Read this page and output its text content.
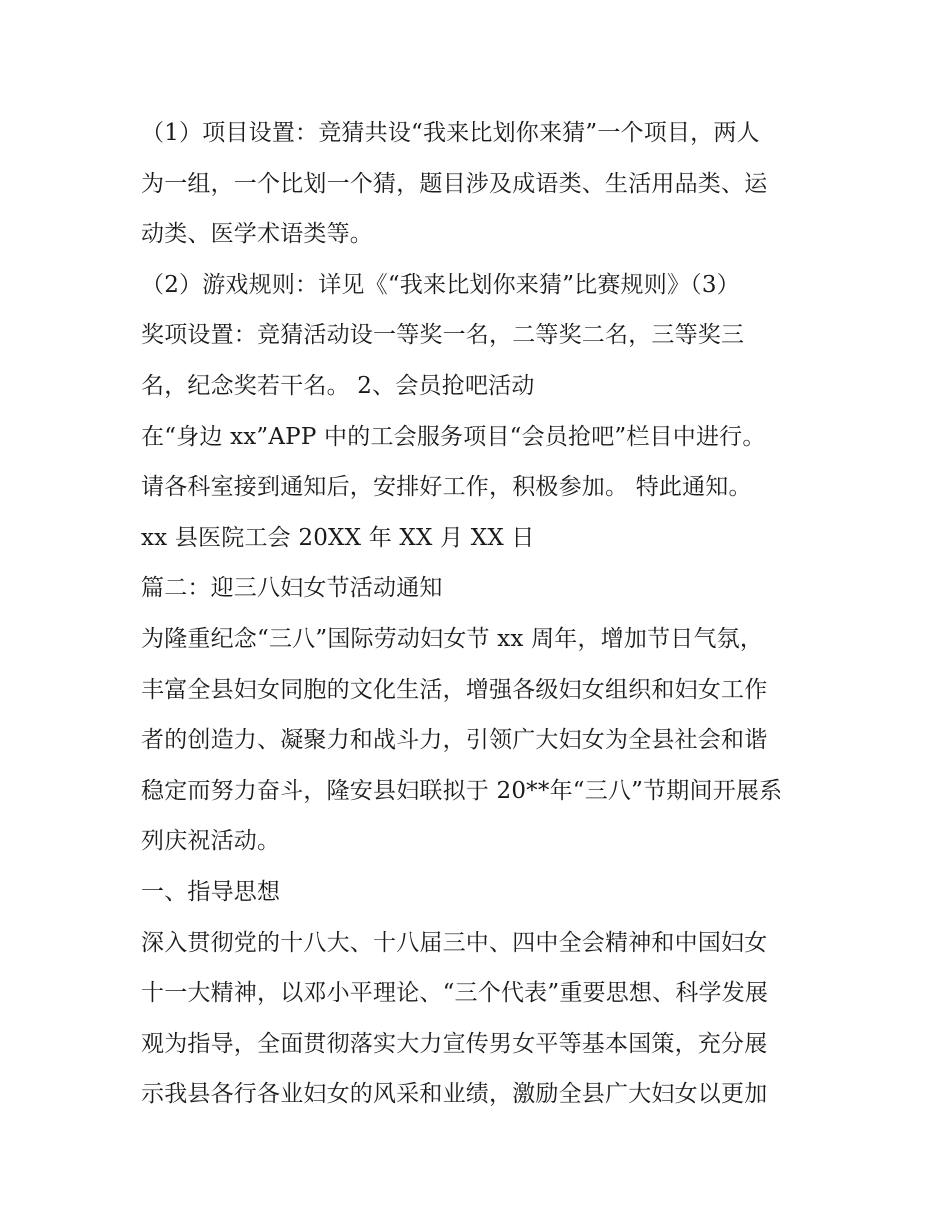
（1）项目设置：竞猜共设“我来比划你来猜”一个项目，两人
为一组，一个比划一个猜，题目涉及成语类、生活用品类、运
动类、医学术语类等。
（2）游戏规则：详见《“我来比划你来猜”比赛规则》（3）
奖项设置：竞猜活动设一等奖一名，二等奖二名，三等奖三
名，纪念奖若干名。 2、会员抢吧活动
在“身边 xx”APP 中的工会服务项目“会员抢吧”栏目中进行。
请各科室接到通知后，安排好工作，积极参加。 特此通知。
xx 县医院工会 20XX 年 XX 月 XX 日
篇二：迎三八妇女节活动通知
为隆重纪念“三八”国际劳动妇女节 xx 周年，增加节日气氛，
丰富全县妇女同胞的文化生活，增强各级妇女组织和妇女工作
者的创造力、凝聚力和战斗力，引领广大妇女为全县社会和谐
稳定而努力奋斗，隆安县妇联拟于 20**年“三八”节期间开展系
列庆祝活动。
一、指导思想
深入贯彻党的十八大、十八届三中、四中全会精神和中国妇女
十一大精神，以邓小平理论、“三个代表”重要思想、科学发展
观为指导，全面贯彻落实大力宣传男女平等基本国策，充分展
示我县各行各业妇女的风采和业绩，激励全县广大妇女以更加
